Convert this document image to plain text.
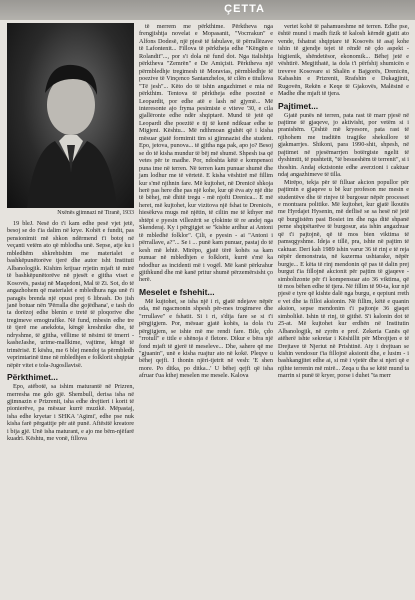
ÇETTA
Nxënës gjimnazi në Tiranë, 1933

19 bleJ. Nesë do t'i kam edhe pesë vjet jetë, besoj se do t'ia dalim në krye. Kohët e fundit, pas pensionimit më shkon ndërmend t'i botoj në veçanti vetëm ato që mblodha unë. Sepse, atje ku i mbledhëm shkrehtshim me materialet e bashkëpunëtorëve tjerë dhe autor isht Instituti Albanologjik. Kishim krijuar rrjetin mjaft të mirë të bashkëpunëtorëve në pjesët e gjitha viset e Kosovës, pastaj në Maqedoni, Mal të Zi. Sot, do të angazhohem që materialet e mbledhura nga unë t'i paragës brenda një opusi prej 6 librash. Do jish janë botuar nën 'Përralla dhe gojëdhana', e tash do ta dorëzoj edhe blenin e tretë të ploqorive dhe tregimeve emogtrafike. Në fund, mbesin edhe tre të tjerë me anekdota, këngë kreshnike dhe, të ndryshme, të gjitha, vëllime të nësimi të tmerri - kasheJashe, urime-mallkime, vajtime, këngë të trimërisë. E këshu, me 6 blej mendoj ta përmbledh veprimtarinë time në mbledhjen e folklorit shqiptar nëpër vitet e tola-Jugosllavisë.

Përkthimet...

Epo, atëbotë, sa ishim maturantë në Prizren, merresha me gdo gjë. Shembull, derisa isha në gjimnazin e Prizrenit, isha edhe drejtieri i korit të pionierëve, pa mësuar kurrë muzikë. Mëpastaj, isha edhe kryetar i SHKA 'Agimi', edhe pse nuk kisha farë përgatitje për atë punë. Aftësitë kreatore i bija gjë. Unë isha maturant, e ajo me bëm-njëfarë kuadri. Kështu, me vonë, fillova

të merrem me përkthime. Përktheva nga frengjishtja novelat e Mopasanit, "Vocrrakun" e Alfons Dodesë, një pjesë të fabulave, të përrallëzave të Lafontenit... Fillova të përktheja edhe "Këngën e Rolandit"..., por s'i dola në fund dot. Nga italishtja përktheva "Zemrën" e De Amiçisit. Përktheva një përmbledhje tregimesh të Moravias, përmbledhje të poezive të Vinçenco Santanzhelos, të cilën e titullova "Të jesh"... Këto do të ishin angazhimet e mia në përkthim. Tentova të përktheja edhe poezinë e Leopardit, por edhe atë e lash në gjymë... Më interesonte ajo fryma pesimiste e viteve '30, e cila gjallëronte edhe ndër shqiptarë. Mund të jetë që Leopardi dhe poezitë e tij të kenë ndikuar edhe te Migjeni. Kështu... Më ndihmoan gjuhët që i kisha mësuar gjatë formimit tim si gjimnazist dhe student. Epo, jetova, punova... të gjitha nga pak, apo jo? Besoj se do të kisha mundur të bëj më shumë. Shpesh isa që vetes për te madhe. Por, ndoshta këtë e kompensoi puna ime në terren. Në terren kam punuar shumë dhe jam lodhur me të vërtetë. E kisha vështirë më fillim kur s'më njihnin fare. Më kujtohet, në Drenicë shkoja herë pas here dhe pas një kohe, kur që ëva aty një dite të bëhej, më dhitë tregu - më njofti Drenica... E më heret, më kujtohet, kur vizitova një fshat te Drenicës, hiesëkrva mugs më njëtin, të ciliin me të kthyer më shtëpi e pyesin villezërit se çfokinte të re andej nga Skenderaj. Ky i përgjigjet se "kishte ardhur ai Antoni të mbledhë folklor". Çili, e pyesin - ai "Antoni i përrallave, a?"... Se i ... punë kam punuar, pastaj do të kesh më lehtë. Mirëpo, gjatë tërë kohës sa kam punuar në mbledhjen e folklorit, kurrë s'më ka ndodhur as incidenti më i vogël. Më kanë përkrahur gjithkund dhe më kanë pritur shumë përzemërsisht ço herë.

Meselet e fshehit...

Më kujtohet, se isha një i ri, gjatë ndejave nëpër oda, më ngacmonin shpesh për-mes trogimeve dhe "rrrullave" e fshatit. Si i ri, s'dija fare se si t'i përgjigjem. Por, mësuar gjatë kohës, ia dola t'u përgjigjem, se ishte më me rendi fare. Bile, çdo "rrotull" e title e shënoja ë fletore. Dikur e bëra një fond mjaft të gjerë të meseleve... Dhe, sahere që me "gjuanin", unë e kisha ruajtur ato në kokë. Pleqve u bëhej qejfi. I thonin njëri-tjetrit në vesh: 'E shen more. Po ditka, po ditka...' U bëhej qejfi që isha afruar t'ua kthej meselen me mesele. Kalova

vertet kohë të pahamueshme në terren. Edhe pse, është mund i madh fizik të kalosh kërndë gjatit ato vende, fshatrat shqiptare të Kosovës të asaj kohe ishin të gjendje tejet të rëndë në çdo aspekt - higjienik, shëndetësor, ekonomik... Bëhej jetë e vështirë. Megjithatë, ia dola t'i përfshij shumicën e treveve Kosovare si Shalën e Bajgorës, Drenicën, Kabashin e Prizrenit, Rrafshin e Dukagjinit, Rugovën, Rekën e Keqe të Gjakovës, Malësinë e Madhe dhe mjaft të tjera.

Pajtimet...

Gjatë punës në terren, pata rast të marr pjesë në pajtime të gjaqeve, jo aktivisht, por vetëm si i pranishëm. Çështë më kryesore, pata rast të njihohem me traditën tragjike shekullore të gjakmarrjes. Shikoni, para 1990-shit, shpesh, në pajtimet në pjesëmarrjen botërgiste ngelit të dyshimtit, të pushtetit, "të besueshëm të terrenit", si i thoshin. Andaj ekzistonte edhe averzioni i caktuar ndaj angazhimeve të tilla.

Mirëpo, tekja për të filluar akcion popullor për pajtimin e gjaqeve u bë kur profeson me mesin e studentëve dhe të rinjve të burgosur nëpër processet e montuara politike. Më kujtohet, kur gjatë lkoutës me Hyrdajet Hysenin, më deflisë se sa hesë në jetë që burgjistëm pasi Bosiet im dhe nga ditë shpanë peme shqipëtarëve të burgosur, ata ishin angazhuar që t'i pajtojnë, që të mos bien viktima të pamsqgyshme. Ideja e tillë, pra, ishte në pajtim të caktuar. Deri kah 1989 ishin varur 36 të rinj e të reja nëpër demonstrata, në kazerma ushtarake, nëpër burgje... E këta të rinj mendonin që pas të dalin prej burgut t'ia fillojnë akcionit për pajtim të gjaqeve - simbolizonte për t'i kompensuar ato 36 viktima, që të mos bëhen edhe të tjera. Në fillim të 90-ta, kur një pjesë e tyre që kishte dalë nga burgu, e qepiuni rreth e vet dhe ia filloi aksionin. Në fillim, këtë e quanin aksion, sepse mendonim t'i pajtonje 36 gjaqet simbolikë. Ishin të rinj, të gjithë. S'i kalonin dot të 25-at. Më kujtohet kur erdhën në Institutin Albanologjik, në zyrën e prof. Zekeria Canës që atëherë ishte sekretar i Këshillit për Mbrojtjen e të Drejtave të Njeriut në Prishtinë. Aty i drejtuan se kishin vendosur t'ia fillojnë aksionit dhe, e lusim - i bashkangjitet edhe ai, si më i vjetër dhe si njeri që e njihte terrenin më mirë... Zeqa u tha se këtë mund ta marrin si punë të kryer, porse i duhet "ta merr
